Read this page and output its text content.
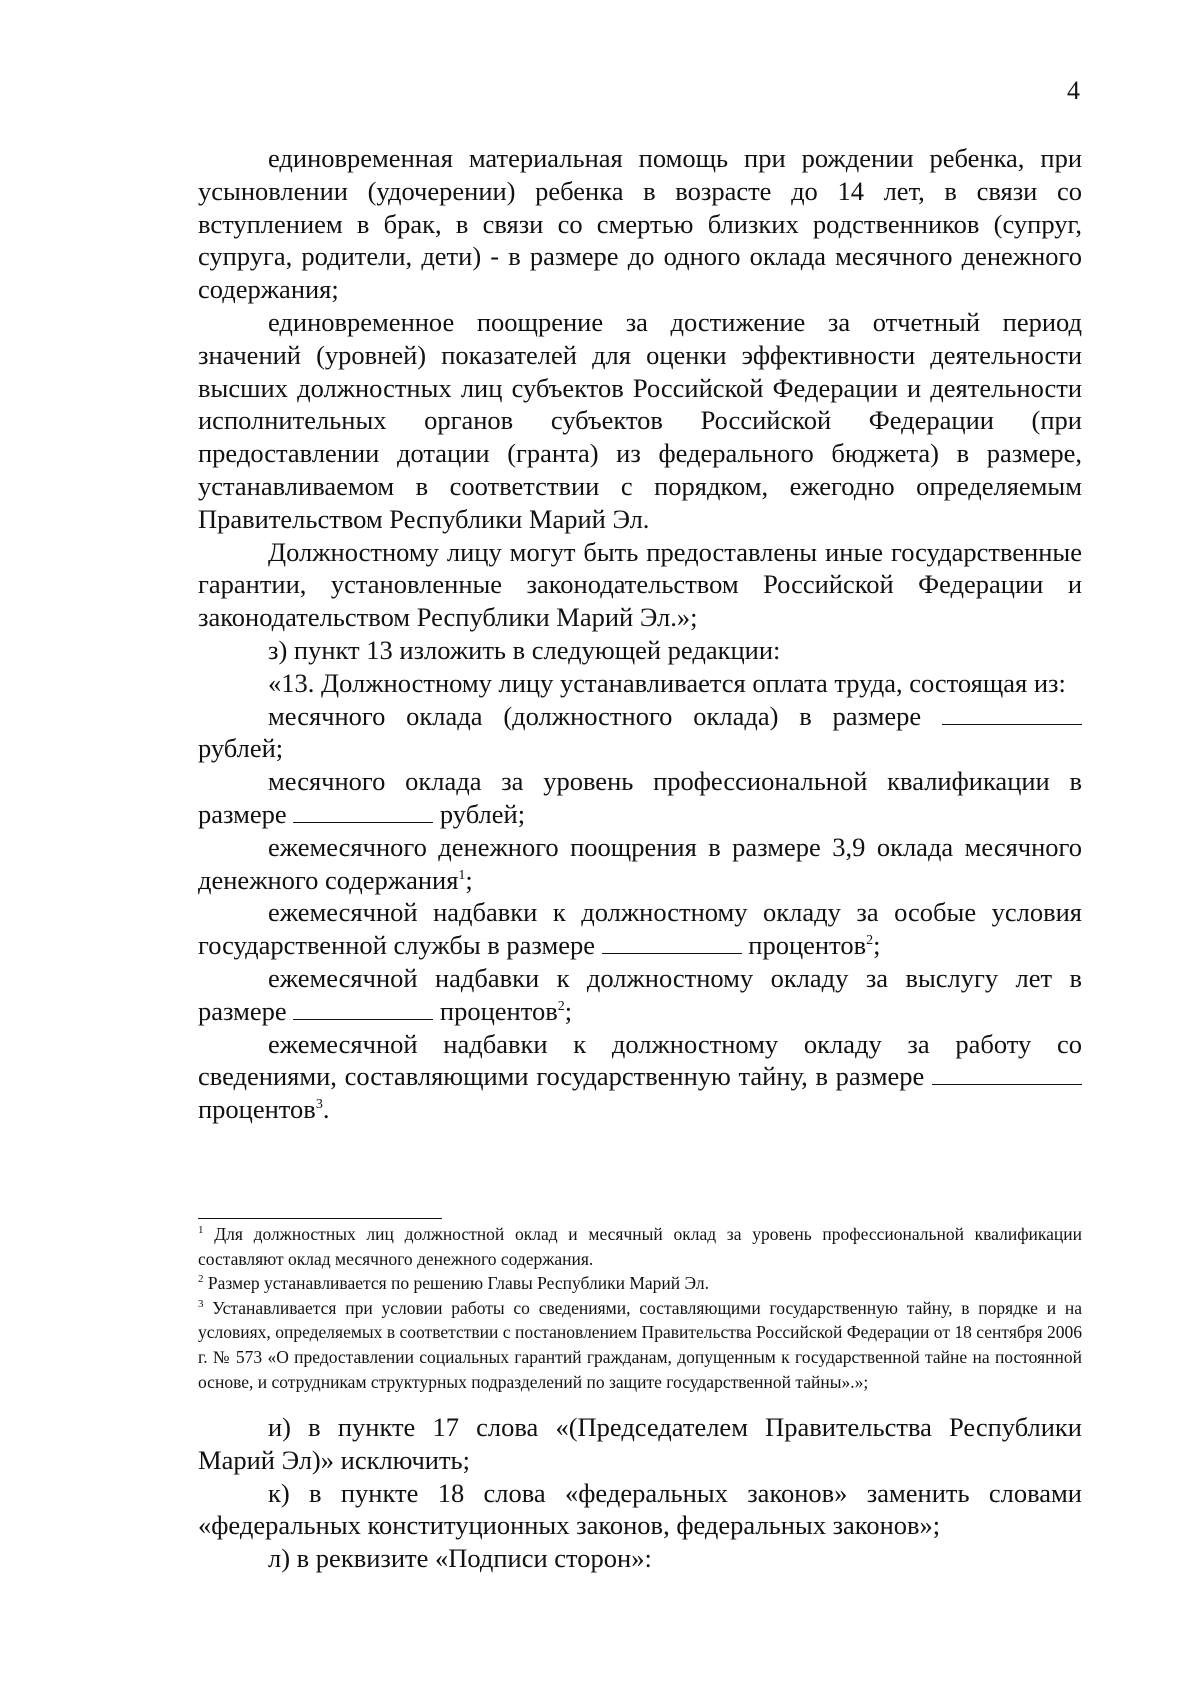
4

единовременная материальная помощь при рождении ребенка, при усыновлении (удочерении) ребенка в возрасте до 14 лет, в связи со вступлением в брак, в связи со смертью близких родственников (супруг, супруга, родители, дети) - в размере до одного оклада месячного денежного содержания;

единовременное поощрение за достижение за отчетный период значений (уровней) показателей для оценки эффективности деятельности высших должностных лиц субъектов Российской Федерации и деятельности исполнительных органов субъектов Российской Федерации (при предоставлении дотации (гранта) из федерального бюджета) в размере, устанавливаемом в соответствии с порядком, ежегодно определяемым Правительством Республики Марий Эл.

Должностному лицу могут быть предоставлены иные государственные гарантии, установленные законодательством Российской Федерации и законодательством Республики Марий Эл.»;

з) пункт 13 изложить в следующей редакции:

«13. Должностному лицу устанавливается оплата труда, состоящая из:

месячного оклада (должностного оклада) в размере  рублей;

месячного оклада за уровень профессиональной квалификации в размере	рублей;

ежемесячного денежного поощрения в размере 3,9 оклада месячного денежного содержания$^1$;

ежемесячной надбавки к должностному окладу за особые условия государственной службы в размере	процентов$^2$;

ежемесячной надбавки к должностному окладу за выслугу лет в размере	процентов$^2$;

ежемесячной надбавки к должностному окладу за работу со сведениями, составляющими государственную тайну, в размере  процентов$^3$.

$^1$ Для должностных лиц должностной оклад и месячный оклад за уровень профессиональной квалификации составляют оклад месячного денежного содержания.

$^2$ Размер устанавливается по решению Главы Республики Марий Эл.

$^3$ Устанавливается при условии работы со сведениями, составляющими государственную тайну, в порядке и на условиях, определяемых в соответствии с постановлением Правительства Российской Федерации от 18 сентября 2006 г. № 573 «О предоставлении социальных гарантий гражданам, допущенным к государственной тайне на постоянной основе, и сотрудникам структурных подразделений по защите государственной тайны».»;

и) в пункте 17 слова «(Председателем Правительства Республики Марий Эл)» исключить;

к) в пункте 18 слова «федеральных законов» заменить словами «федеральных конституционных законов, федеральных законов»;

л) в реквизите «Подписи сторон»:
